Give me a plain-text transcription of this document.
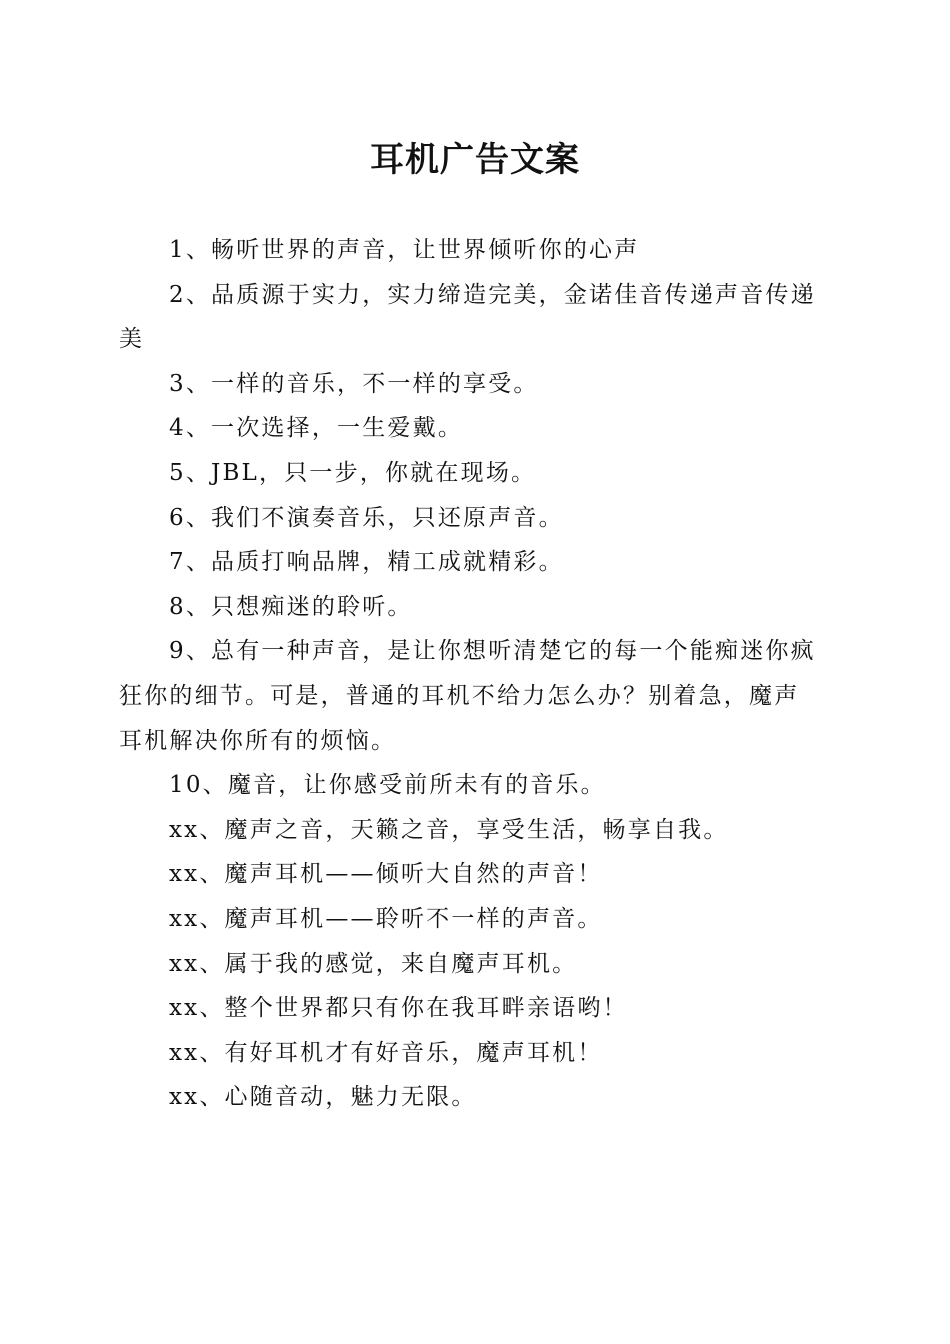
耳机广告文案

1、畅听世界的声音，让世界倾听你的心声

2、品质源于实力，实力缔造完美，金诺佳音传递声音传递美

3、一样的音乐，不一样的享受。

4、一次选择，一生爱戴。

5、JBL，只一步，你就在现场。

6、我们不演奏音乐，只还原声音。

7、品质打响品牌，精工成就精彩。

8、只想痴迷的聆听。

9、总有一种声音，是让你想听清楚它的每一个能痴迷你疯狂你的细节。可是，普通的耳机不给力怎么办？别着急，魔声耳机解决你所有的烦恼。

10、魔音，让你感受前所未有的音乐。

xx、魔声之音，天籁之音，享受生活，畅享自我。

xx、魔声耳机——倾听大自然的声音！

xx、魔声耳机——聆听不一样的声音。

xx、属于我的感觉，来自魔声耳机。

xx、整个世界都只有你在我耳畔亲语哟！

xx、有好耳机才有好音乐，魔声耳机！

xx、心随音动，魅力无限。
